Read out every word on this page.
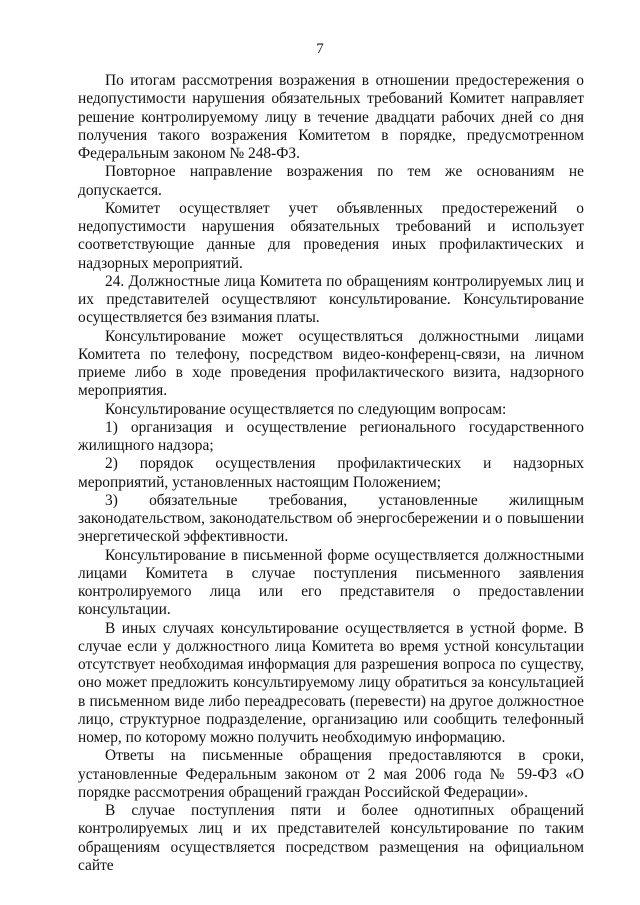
7

По итогам рассмотрения возражения в отношении предостережения о недопустимости нарушения обязательных требований Комитет направляет решение контролируемому лицу в течение двадцати рабочих дней со дня получения такого возражения Комитетом в порядке, предусмотренном Федеральным законом № 248-ФЗ.

Повторное направление возражения по тем же основаниям не допускается.

Комитет осуществляет учет объявленных предостережений о недопустимости нарушения обязательных требований и использует соответствующие данные для проведения иных профилактических и надзорных мероприятий.

24. Должностные лица Комитета по обращениям контролируемых лиц и их представителей осуществляют консультирование. Консультирование осуществляется без взимания платы.

Консультирование может осуществляться должностными лицами Комитета по телефону, посредством видео-конференц-связи, на личном приеме либо в ходе проведения профилактического визита, надзорного мероприятия.

Консультирование осуществляется по следующим вопросам:

1) организация и осуществление регионального государственного жилищного надзора;

2) порядок осуществления профилактических и надзорных мероприятий, установленных настоящим Положением;

3) обязательные требования, установленные жилищным законодательством, законодательством об энергосбережении и о повышении энергетической эффективности.

Консультирование в письменной форме осуществляется должностными лицами Комитета в случае поступления письменного заявления контролируемого лица или его представителя о предоставлении консультации.

В иных случаях консультирование осуществляется в устной форме. В случае если у должностного лица Комитета во время устной консультации отсутствует необходимая информация для разрешения вопроса по существу, оно может предложить консультируемому лицу обратиться за консультацией в письменном виде либо переадресовать (перевести) на другое должностное лицо, структурное подразделение, организацию или сообщить телефонный номер, по которому можно получить необходимую информацию.

Ответы на письменные обращения предоставляются в сроки, установленные Федеральным законом от 2 мая 2006 года № 59-ФЗ «О порядке рассмотрения обращений граждан Российской Федерации».

В случае поступления пяти и более однотипных обращений контролируемых лиц и их представителей консультирование по таким обращениям осуществляется посредством размещения на официальном сайте
